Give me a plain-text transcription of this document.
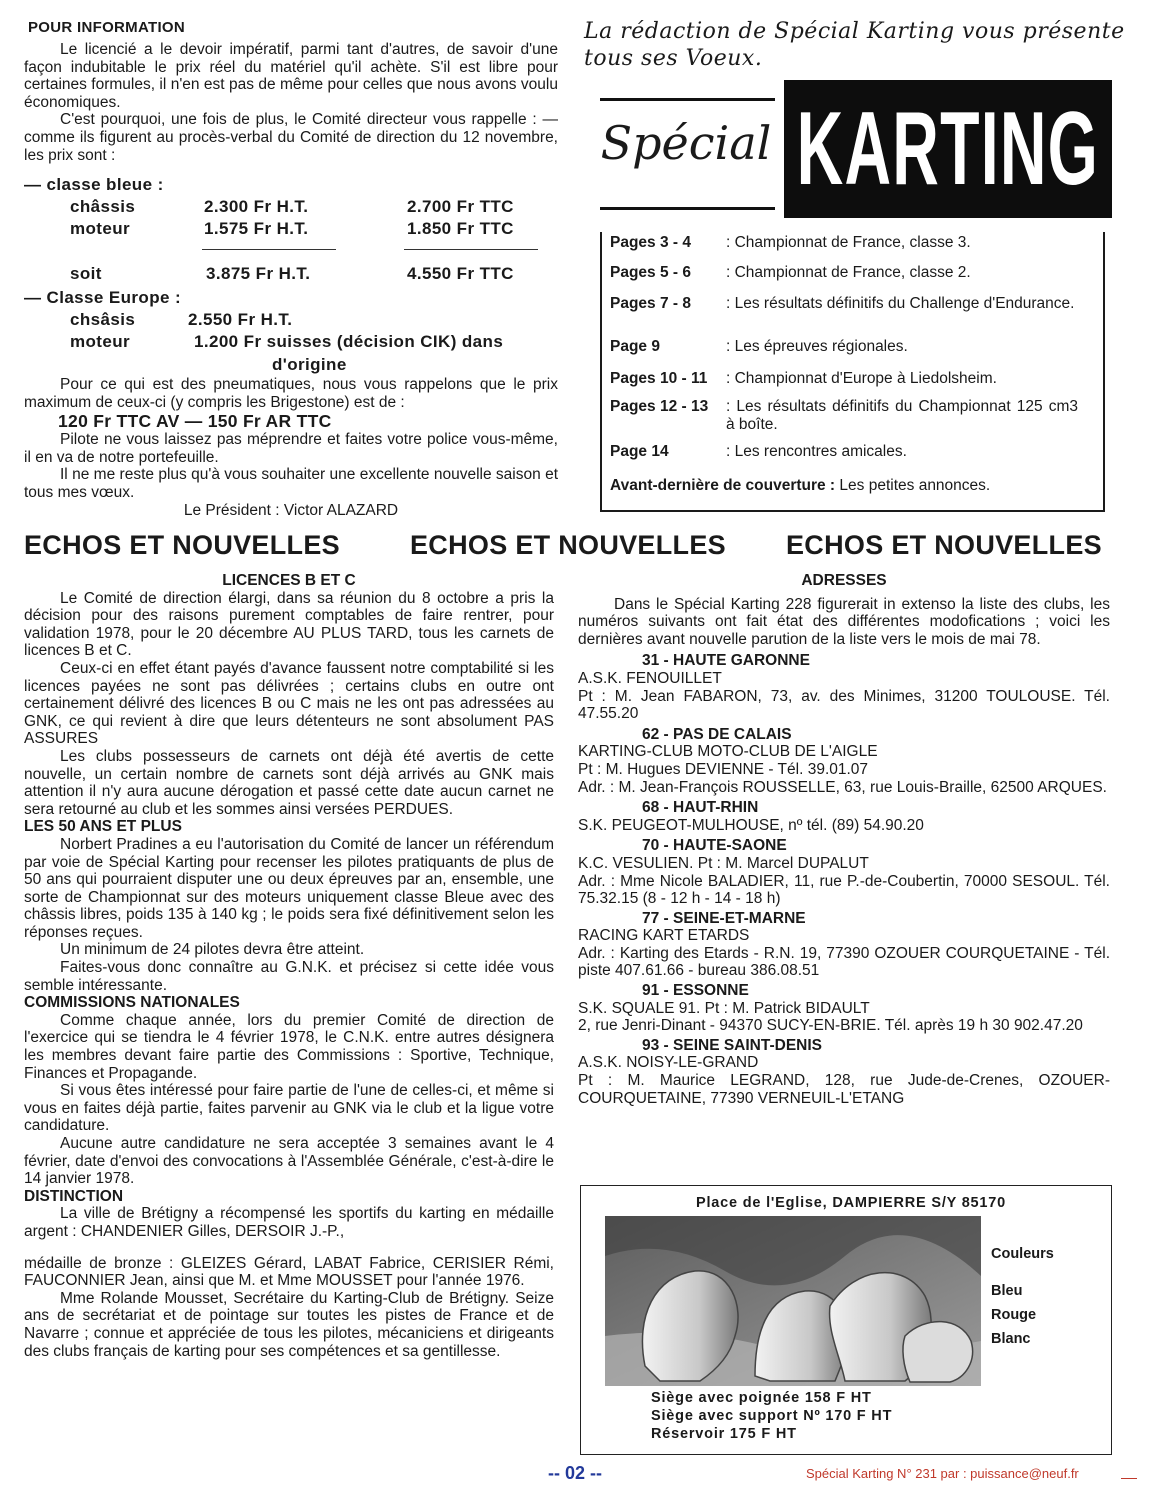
POUR INFORMATION

Le licencié a le devoir impératif, parmi tant d'autres, de savoir d'une façon indubitable le prix réel du matériel qu'il achète. S'il est libre pour certaines formules, il n'en est pas de même pour celles que nous avons voulu économiques.

C'est pourquoi, une fois de plus, le Comité directeur vous rappelle : — comme ils figurent au procès-verbal du Comité de direction du 12 novembre, les prix sont :

— classe bleue :
châssis	2.300 Fr H.T.	2.700 Fr TTC
moteur	1.575 Fr H.T.	1.850 Fr TTC
soit	3.875 Fr H.T.	4.550 Fr TTC
— Classe Europe :
chsâsis	2.550 Fr H.T.
moteur	1.200 Fr suisses (décision CIK) dans
d'origine

Pour ce qui est des pneumatiques, nous vous rappelons que le prix maximum de ceux-ci (y compris les Brigestone) est de :

120 Fr TTC AV — 150 Fr AR TTC

Pilote ne vous laissez pas méprendre et faites votre police vous-même, il en va de notre portefeuille.

Il ne me reste plus qu'à vous souhaiter une excellente nouvelle saison et tous mes vœux.

Le Président : Victor ALAZARD

La rédaction de Spécial Karting vous présente tous ses Voeux.
Spécial KARTING
Pages 3 - 4 : Championnat de France, classe 3.
Pages 5 - 6 : Championnat de France, classe 2.
Pages 7 - 8 : Les résultats définitifs du Challenge d'Endurance.
Page 9	: Les épreuves régionales.
Pages 10 - 11 : Championnat d'Europe à Liedolsheim.
Pages 12 - 13 : Les résultats définitifs du Championnat 125 cm3 à boîte.
Page 14	: Les rencontres amicales.
Avant-dernière de couverture : Les petites annonces.
ECHOS ET NOUVELLES	ECHOS ET NOUVELLES ECHOS ET NOUVELLES
LICENCES B ET C

Le Comité de direction élargi, dans sa réunion du 8 octobre a pris la décision pour des raisons purement comptables de faire rentrer, pour validation 1978, pour le 20 décembre AU PLUS TARD, tous les carnets de licences B et C.

Ceux-ci en effet étant payés d'avance faussent notre comptabilité si les licences payées ne sont pas délivrées ; certains clubs en outre ont certainement délivré des licences B ou C mais ne les ont pas adressées au GNK, ce qui revient à dire que leurs détenteurs ne sont absolument PAS ASSURES

Les clubs possesseurs de carnets ont déjà été avertis de cette nouvelle, un certain nombre de carnets sont déjà arrivés au GNK mais attention il n'y aura aucune dérogation et passé cette date aucun carnet ne sera retourné au club et les sommes ainsi versées PERDUES.

LES 50 ANS ET PLUS

Norbert Pradines a eu l'autorisation du Comité de lancer un référendum par voie de Spécial Karting pour recenser les pilotes pratiquants de plus de 50 ans qui pourraient disputer une ou deux épreuves par an, ensemble, une sorte de Championnat sur des moteurs uniquement classe Bleue avec des châssis libres, poids 135 à 140 kg ; le poids sera fixé définitivement selon les réponses reçues.

Un minimum de 24 pilotes devra être atteint.

Faites-vous donc connaître au G.N.K. et précisez si cette idée vous semble intéressante.

COMMISSIONS NATIONALES

Comme chaque année, lors du premier Comité de direction de l'exercice qui se tiendra le 4 février 1978, le C.N.K. entre autres désignera les membres devant faire partie des Commissions : Sportive, Technique, Finances et Propagande.

Si vous êtes intéressé pour faire partie de l'une de celles-ci, et même si vous en faites déjà partie, faites parvenir au GNK via le club et la ligue votre candidature.

Aucune autre candidature ne sera acceptée 3 semaines avant le 4 février, date d'envoi des convocations à l'Assemblée Générale, c'est-à-dire le 14 janvier 1978.

DISTINCTION

La ville de Brétigny a récompensé les sportifs du karting en médaille argent : CHANDENIER Gilles, DERSOIR J.-P.,

médaille de bronze : GLEIZES Gérard, LABAT Fabrice, CERISIER Rémi, FAUCONNIER Jean, ainsi que M. et Mme MOUSSET pour l'année 1976.

Mme Rolande Mousset, Secrétaire du Karting-Club de Brétigny. Seize ans de secrétariat et de pointage sur toutes les pistes de France et de Navarre ; connue et appréciée de tous les pilotes, mécaniciens et dirigeants des clubs français de karting pour ses compétences et sa gentillesse.

ADRESSES

Dans le Spécial Karting 228 figurerait in extenso la liste des clubs, les numéros suivants ont fait état des différentes modofications ; voici les dernières avant nouvelle parution de la liste vers le mois de mai 78.

31 - HAUTE GARONNE

A.S.K. FENOUILLET

Pt : M. Jean FABARON, 73, av. des Minimes, 31200 TOULOUSE. Tél. 47.55.20

62 - PAS DE CALAIS

KARTING-CLUB MOTO-CLUB DE L'AIGLE

Pt : M. Hugues DEVIENNE - Tél. 39.01.07

Adr. : M. Jean-François ROUSSELLE, 63, rue Louis-Braille, 62500 ARQUES.

68 - HAUT-RHIN

S.K. PEUGEOT-MULHOUSE, nº tél. (89) 54.90.20

70 - HAUTE-SAONE

K.C. VESULIEN. Pt : M. Marcel DUPALUT

Adr. : Mme Nicole BALADIER, 11, rue P.-de-Coubertin, 70000 SESOUL. Tél. 75.32.15 (8 - 12 h - 14 - 18 h)

77 - SEINE-ET-MARNE

RACING KART ETARDS

Adr. : Karting des Etards - R.N. 19, 77390 OZOUER COURQUETAINE - Tél. piste 407.61.66 - bureau 386.08.51

91 - ESSONNE

S.K. SQUALE 91. Pt : M. Patrick BIDAULT

2, rue Jenri-Dinant - 94370 SUCY-EN-BRIE. Tél. après 19 h 30 902.47.20

93 - SEINE SAINT-DENIS

A.S.K. NOISY-LE-GRAND

Pt : M. Maurice LEGRAND, 128, rue Jude-de-Crenes, OZOUER-COURQUETAINE, 77390 VERNEUIL-L'ETANG

Place de l'Eglise, DAMPIERRE S/Y 85170
Couleurs
Bleu
Rouge
Blanc
Siège avec poignée 158 F HT
Siège avec support Nº 170 F HT
Réservoir 175 F HT
-- 02 --	Spécial Karting N° 231 par : puissance@neuf.fr
